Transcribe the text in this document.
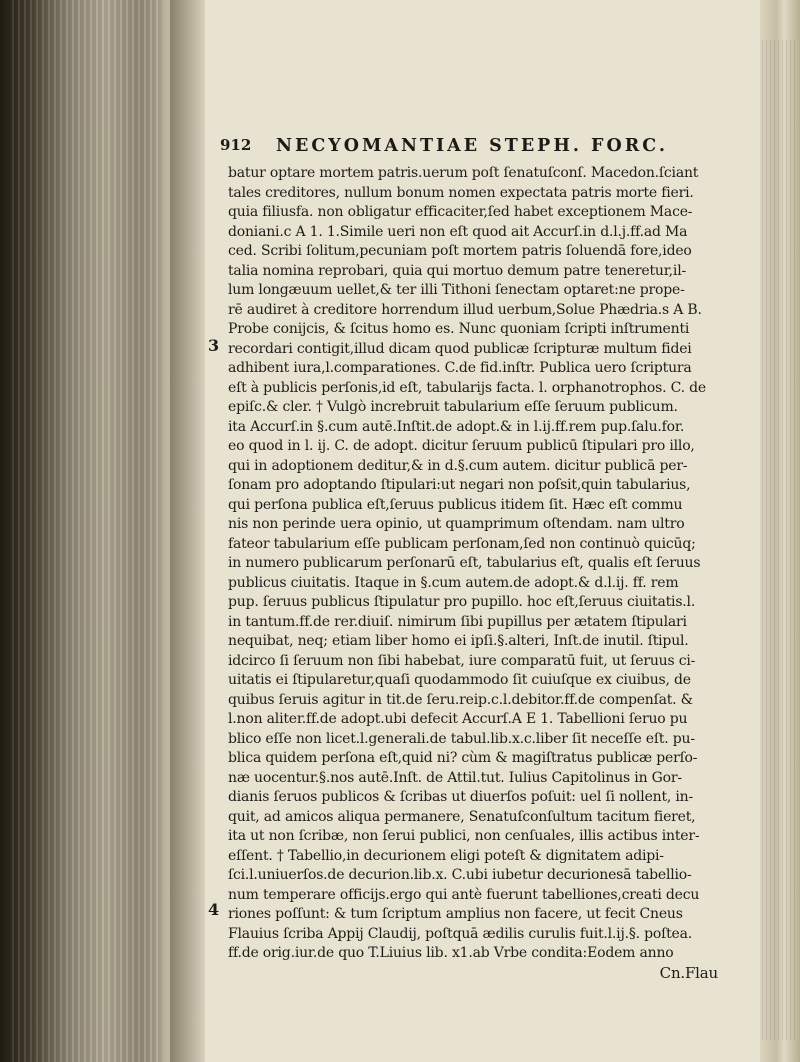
912 NECYOMANTIAE STEPH. FORC.
3
4
batur optare mortem patris.uerum poſt ſenatuſconſ. Macedon.ſciant
tales creditores, nullum bonum nomen expectata patris morte fieri.
quia filiusfa. non obligatur efficaciter,ſed habet exceptionem Mace-
doniani.c A 1. 1.Simile ueri non eſt quod ait Accurſ.in d.l.j.ff.ad Ma
ced. Scribi ſolitum,pecuniam poſt mortem patris ſoluendā fore,ideo
talia nomina reprobari, quia qui mortuo demum patre teneretur,il-
lum longæuum uellet,& ter illi Tithoni ſenectam optaret:ne prope-
rē audiret à creditore horrendum illud uerbum,Solue Phædria.s A B.
Probe conijcis, & ſcitus homo es. Nunc quoniam ſcripti inſtrumenti
recordari contigit,illud dicam quod publicæ ſcripturæ multum fidei
adhibent iura,l.comparationes. C.de fid.inſtr. Publica uero ſcriptura
eſt à publicis perſonis,id eſt, tabularijs facta. l. orphanotrophos. C. de
epiſc.& cler. † Vulgò increbruit tabularium eſſe ſeruum publicum.
ita Accurſ.in §.cum autē.Inſtit.de adopt.& in l.ij.ff.rem pup.ſalu.for.
eo quod in l. ij. C. de adopt. dicitur ſeruum publicū ſtipulari pro illo,
qui in adoptionem deditur,& in d.§.cum autem. dicitur publicā per-
ſonam pro adoptando ſtipulari:ut negari non poſsit,quin tabularius,
qui perſona publica eſt,ſeruus publicus itidem ſit. Hæc eſt commu
nis non perinde uera opinio, ut quamprimum oſtendam. nam ultro
fateor tabularium eſſe publicam perſonam,ſed non continuò quicūq;
in numero publicarum perſonarū eſt, tabularius eſt, qualis eſt ſeruus
publicus ciuitatis. Itaque in §.cum autem.de adopt.& d.l.ij. ff. rem
pup. ſeruus publicus ſtipulatur pro pupillo. hoc eſt,ſeruus ciuitatis.l.
in tantum.ff.de rer.diuiſ. nimirum ſibi pupillus per ætatem ſtipulari
nequibat, neq; etiam liber homo ei ipſi.§.alteri, Inſt.de inutil. ſtipul.
idcirco ſi ſeruum non ſibi habebat, iure comparatū fuit, ut ſeruus ci-
uitatis ei ſtipularetur,quaſi quodammodo ſit cuiuſque ex ciuibus, de
quibus ſeruis agitur in tit.de ſeru.reip.c.l.debitor.ff.de compenſat. &
l.non aliter.ff.de adopt.ubi defecit Accurſ.A E 1. Tabellioni ſeruo pu
blico eſſe non licet.l.generali.de tabul.lib.x.c.liber ſit neceſſe eſt. pu-
blica quidem perſona eſt,quid ni? cùm & magiſtratus publicæ perſo-
næ uocentur.§.nos autē.Inſt. de Attil.tut. Iulius Capitolinus in Gor-
dianis ſeruos publicos & ſcribas ut diuerſos poſuit: uel ſi nollent, in-
quit, ad amicos aliqua permanere, Senatuſconſultum tacitum fieret,
ita ut non ſcribæ, non ſerui publici, non cenſuales, illis actibus inter-
eſſent. † Tabellio,in decurionem eligi poteſt & dignitatem adipi-
ſci.l.uniuerſos.de decurion.lib.x. C.ubi iubetur decurionesā tabellio-
num temperare officijs.ergo qui antè fuerunt tabelliones,creati decu
riones poſſunt: & tum ſcriptum amplius non facere, ut fecit Cneus
Flauius ſcriba Appij Claudij, poſtquā ædilis curulis fuit.l.ij.§. poſtea.
ff.de orig.iur.de quo T.Liuius lib. x1.ab Vrbe condita:Eodem anno
Cn.Flau
